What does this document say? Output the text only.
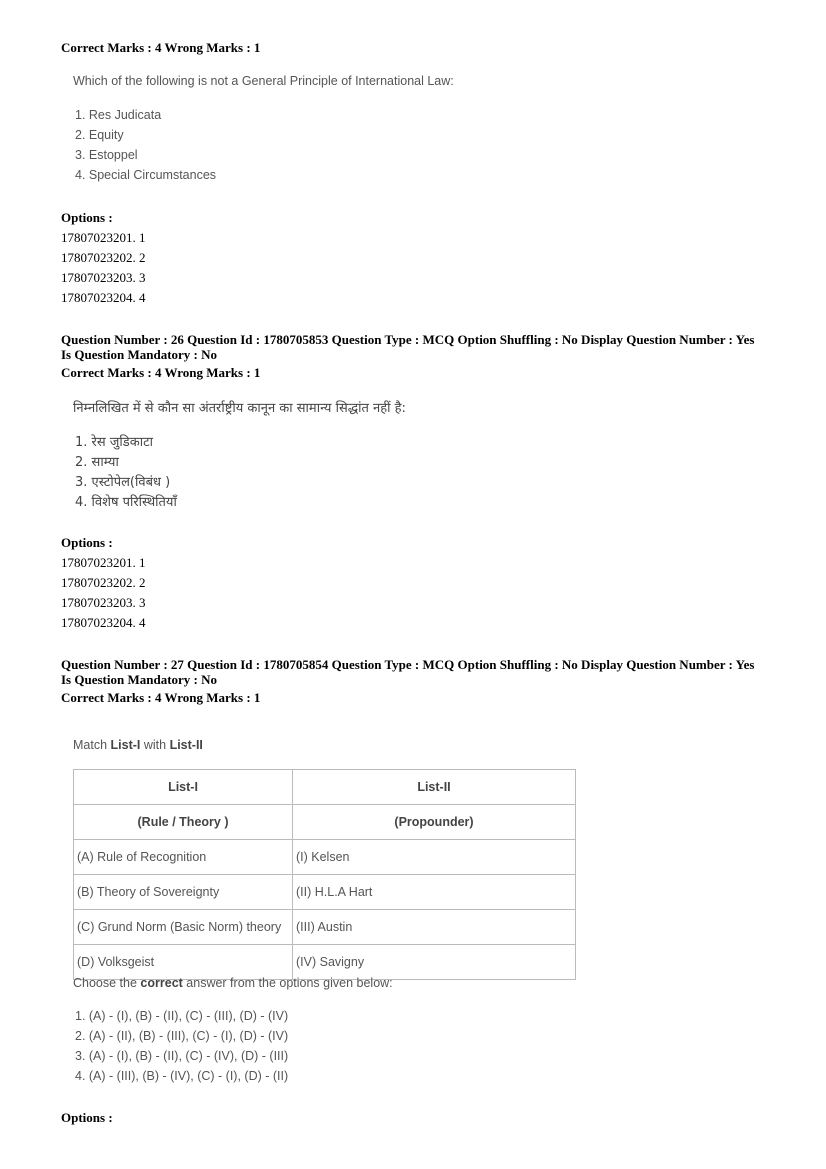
Correct Marks : 4 Wrong Marks : 1
Which of the following is not a General Principle of International Law:
1. Res Judicata
2. Equity
3. Estoppel
4. Special Circumstances
Options :
17807023201. 1
17807023202. 2
17807023203. 3
17807023204. 4
Question Number : 26 Question Id : 1780705853 Question Type : MCQ Option Shuffling : No Display Question Number : Yes
Is Question Mandatory : No
Correct Marks : 4 Wrong Marks : 1
निम्नलिखित में से कौन सा अंतर्राष्ट्रीय कानून का सामान्य सिद्धांत नहीं है:
1. रेस जुडिकाटा
2. साम्या
3. एस्टोपेल(विबंध )
4. विशेष परिस्थितियाँ
Options :
17807023201. 1
17807023202. 2
17807023203. 3
17807023204. 4
Question Number : 27 Question Id : 1780705854 Question Type : MCQ Option Shuffling : No Display Question Number : Yes
Is Question Mandatory : No
Correct Marks : 4 Wrong Marks : 1
Match List-I with List-II
List-I	List-II
(Rule / Theory )	(Propounder)
(A) Rule of Recognition	(I) Kelsen
(B) Theory of Sovereignty	(II) H.L.A Hart
(C) Grund Norm (Basic Norm) theory	(III) Austin
(D) Volksgeist	(IV) Savigny
Choose the correct answer from the options given below:
1. (A) - (I), (B) - (II), (C) - (III), (D) - (IV)
2. (A) - (II), (B) - (III), (C) - (I), (D) - (IV)
3. (A) - (I), (B) - (II), (C) - (IV), (D) - (III)
4. (A) - (III), (B) - (IV), (C) - (I), (D) - (II)
Options :
